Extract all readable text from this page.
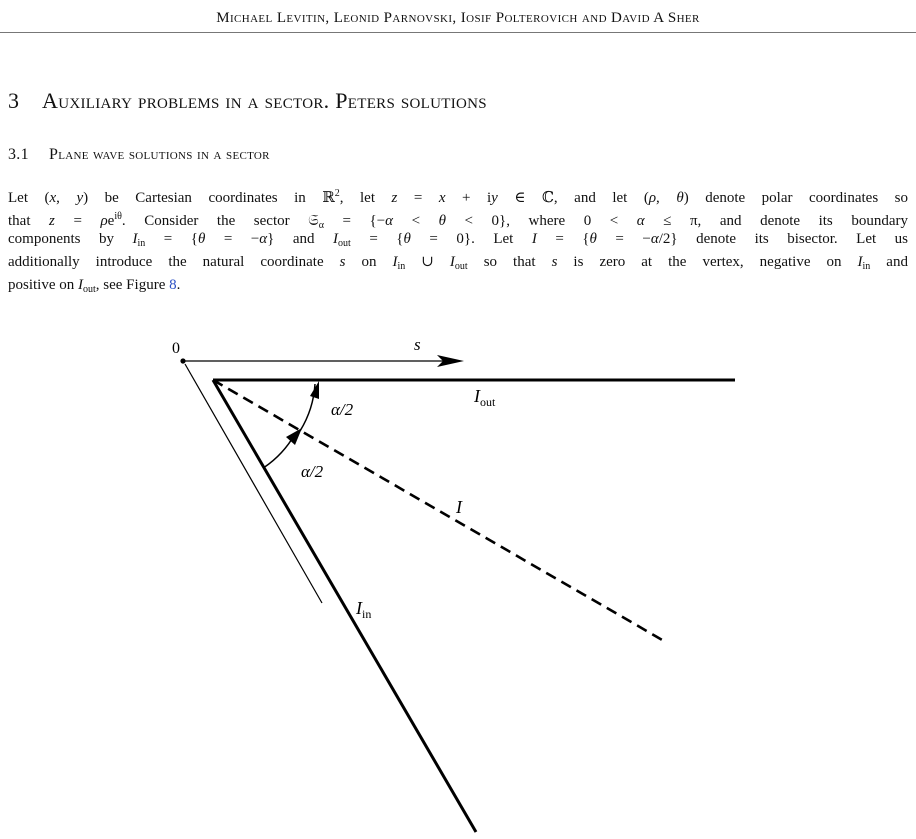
Michael Levitin, Leonid Parnovski, Iosif Polterovich and David A Sher
3 Auxiliary problems in a sector. Peters solutions
3.1 Plane wave solutions in a sector
Let (x, y) be Cartesian coordinates in ℝ$^2$, let z = x + iy ∈ ℂ, and let (ρ, θ) denote polar coordinates so
that $z = \rho e^{i\theta}$. Consider the sector 𝔖$_\alpha$ = {−α < θ < 0}, where 0 < α ≤ π, and denote its boundary
components by $I_{in} = \{\theta = -\alpha\}$ and $I_{out} = \{\theta = 0\}$. Let I = {θ = −α/2} denote its bisector. Let us
additionally introduce the natural coordinate s on $I_{in}$ ∪ $I_{out}$ so that s is zero at the vertex, negative on $I_{in}$ and
positive on $I_{out}$, see Figure 8.
0	s
α/2
α/2
$I_{out}$
I
$I_{in}$
